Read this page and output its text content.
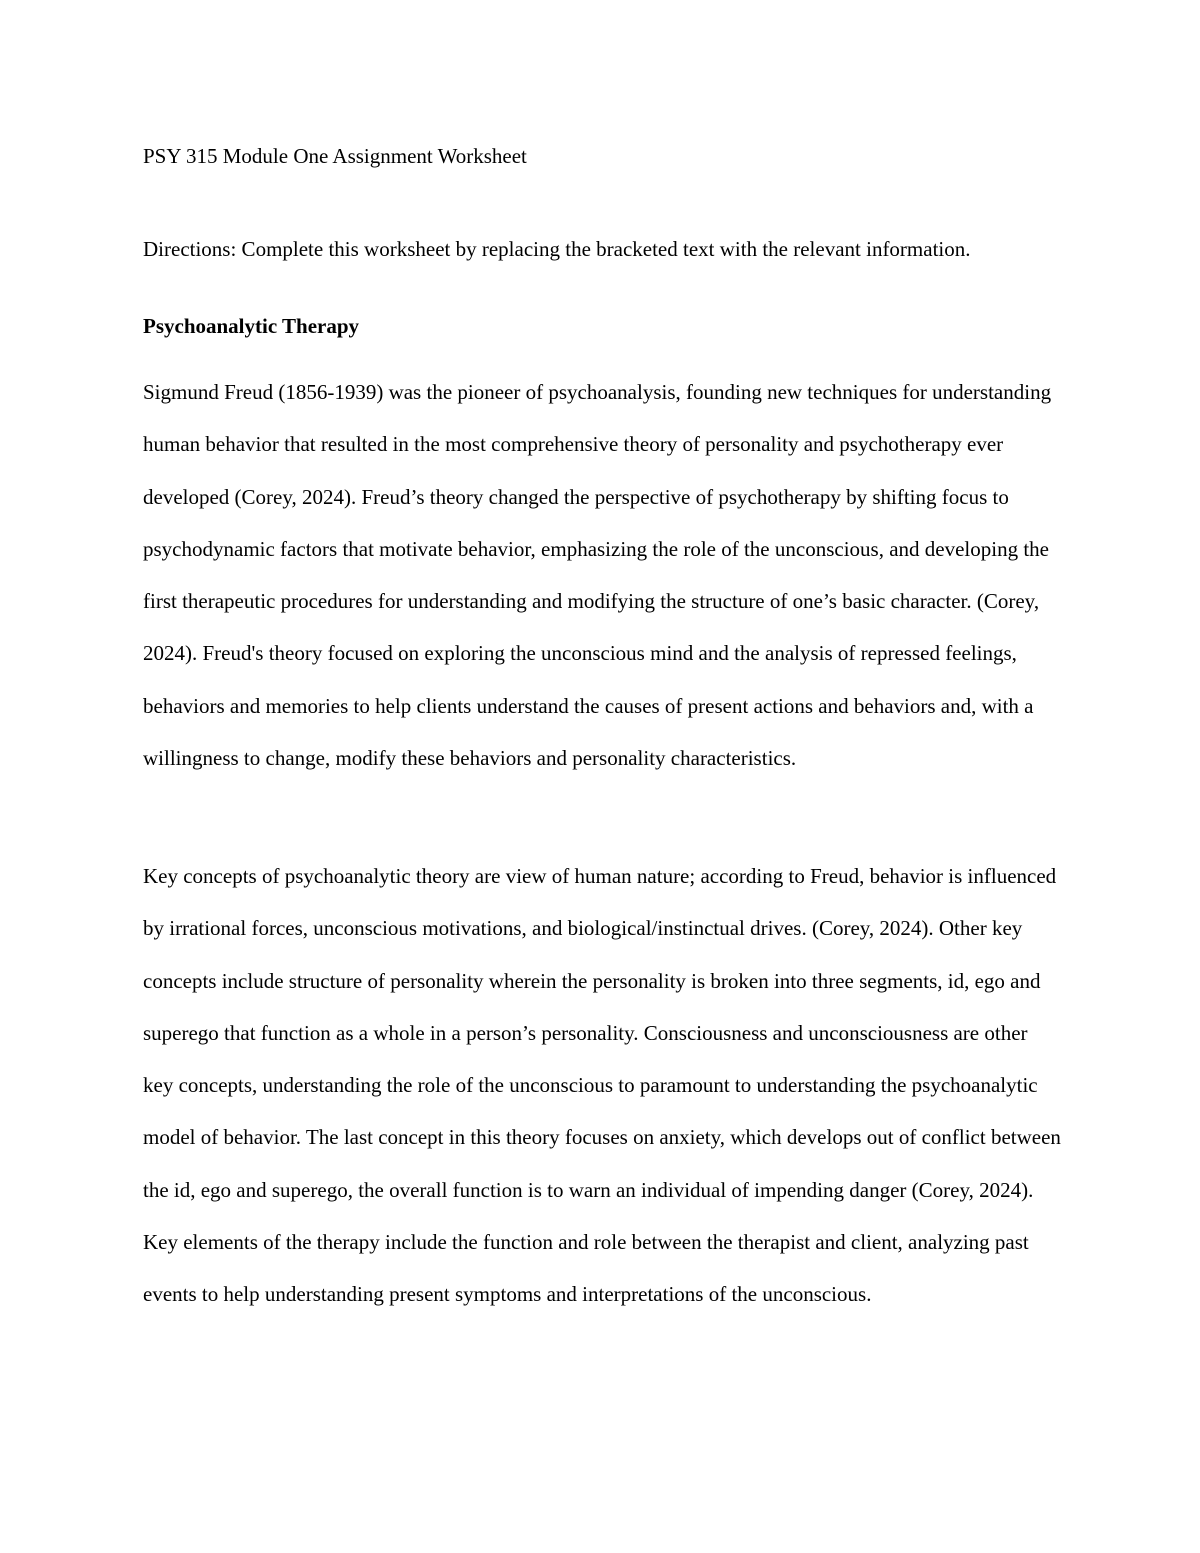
PSY 315 Module One Assignment Worksheet
Directions: Complete this worksheet by replacing the bracketed text with the relevant information.
Psychoanalytic Therapy
Sigmund Freud (1856-1939) was the pioneer of psychoanalysis, founding new techniques for understanding human behavior that resulted in the most comprehensive theory of personality and psychotherapy ever developed (Corey, 2024). Freud’s theory changed the perspective of psychotherapy by shifting focus to psychodynamic factors that motivate behavior, emphasizing the role of the unconscious, and developing the first therapeutic procedures for understanding and modifying the structure of one’s basic character. (Corey, 2024). Freud's theory focused on exploring the unconscious mind and the analysis of repressed feelings, behaviors and memories to help clients understand the causes of present actions and behaviors and, with a willingness to change, modify these behaviors and personality characteristics.
Key concepts of psychoanalytic theory are view of human nature; according to Freud, behavior is influenced by irrational forces, unconscious motivations, and biological/instinctual drives. (Corey, 2024). Other key concepts include structure of personality wherein the personality is broken into three segments, id, ego and superego that function as a whole in a person’s personality. Consciousness and unconsciousness are other key concepts, understanding the role of the unconscious to paramount to understanding the psychoanalytic model of behavior. The last concept in this theory focuses on anxiety, which develops out of conflict between the id, ego and superego, the overall function is to warn an individual of impending danger (Corey, 2024). Key elements of the therapy include the function and role between the therapist and client, analyzing past events to help understanding present symptoms and interpretations of the unconscious.
